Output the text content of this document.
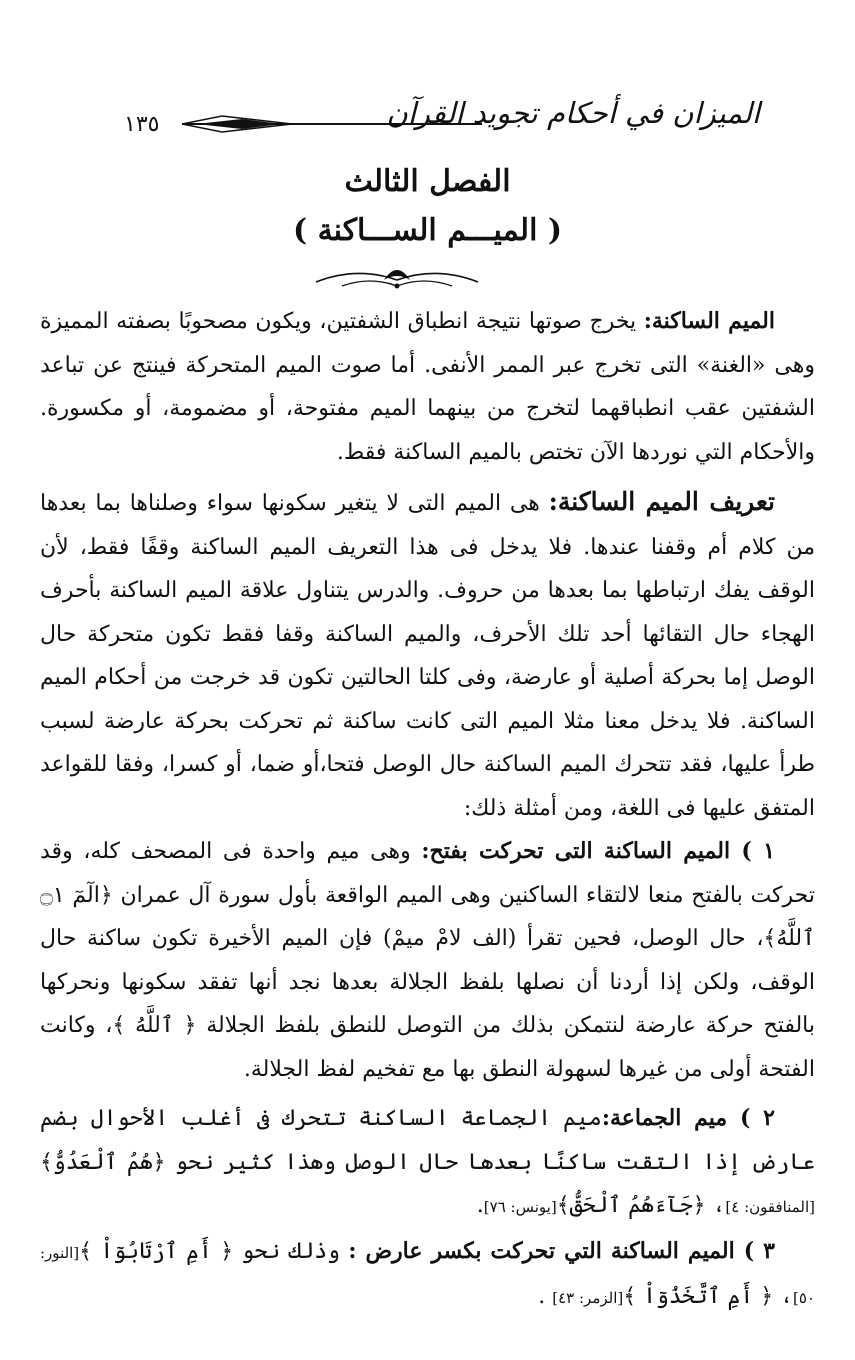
الميزان في أحكام تجويد القرآن
١٣٥
الفصل الثالث
( الميـــم الســـاكنة )

الميم الساكنة: يخرج صوتها نتيجة انطباق الشفتين، ويكون مصحوبًا بصفته المميزة وهى «الغنة» التى تخرج عبر الممر الأنفى. أما صوت الميم المتحركة فينتج عن تباعد الشفتين عقب انطباقهما لتخرج من بينهما الميم مفتوحة، أو مضمومة، أو مكسورة. والأحكام التي نوردها الآن تختص بالميم الساكنة فقط.

تعريف الميم الساكنة: هى الميم التى لا يتغير سكونها سواء وصلناها بما بعدها من كلام أم وقفنا عندها. فلا يدخل فى هذا التعريف الميم الساكنة وقفًا فقط، لأن الوقف يفك ارتباطها بما بعدها من حروف. والدرس يتناول علاقة الميم الساكنة بأحرف الهجاء حال التقائها أحد تلك الأحرف، والميم الساكنة وقفا فقط تكون متحركة حال الوصل إما بحركة أصلية أو عارضة، وفى كلتا الحالتين تكون قد خرجت من أحكام الميم الساكنة. فلا يدخل معنا مثلا الميم التى كانت ساكنة ثم تحركت بحركة عارضة لسبب طرأ عليها، فقد تتحرك الميم الساكنة حال الوصل فتحا،أو ضما، أو كسرا، وفقا للقواعد المتفق عليها فى اللغة، ومن أمثلة ذلك:

١ ) الميم الساكنة التى تحركت بفتح: وهى ميم واحدة فى المصحف كله، وقد تحركت بالفتح منعا لالتقاء الساكنين وهى الميم الواقعة بأول سورة آل عمران ﴿الٓمٓ ۝١ ٱللَّهُ﴾، حال الوصل، فحين تقرأ (الف لامْ ميمْ) فإن الميم الأخيرة تكون ساكنة حال الوقف، ولكن إذا أردنا أن نصلها بلفظ الجلالة بعدها نجد أنها تفقد سكونها ونحركها بالفتح حركة عارضة لنتمكن بذلك من التوصل للنطق بلفظ الجلالة ﴿ ٱللَّهُ ﴾، وكانت الفتحة أولى من غيرها لسهولة النطق بها مع تفخيم لفظ الجلالة.

٢ ) ميم الجماعة:ميم الجماعة الساكنة تتحرك فى أغلب الأحوال بضم عارض إذا التقت ساكنًا بعدها حال الوصل وهذا كثير نحو ﴿هُمُ ٱلْعَدُوُّ﴾[المنافقون: ٤]، ﴿جَآءَهُمُ ٱلْحَقُّ﴾[يونس: ٧٦].

٣ ) الميم الساكنة التي تحركت بكسر عارض : وذلك نحو ﴿ أَمِ ٱرْتَابُوٓاْ ﴾[النور: ٥٠]، ﴿ أَمِ ٱتَّخَذُوٓاْ ﴾[الزمر: ٤٣] .
